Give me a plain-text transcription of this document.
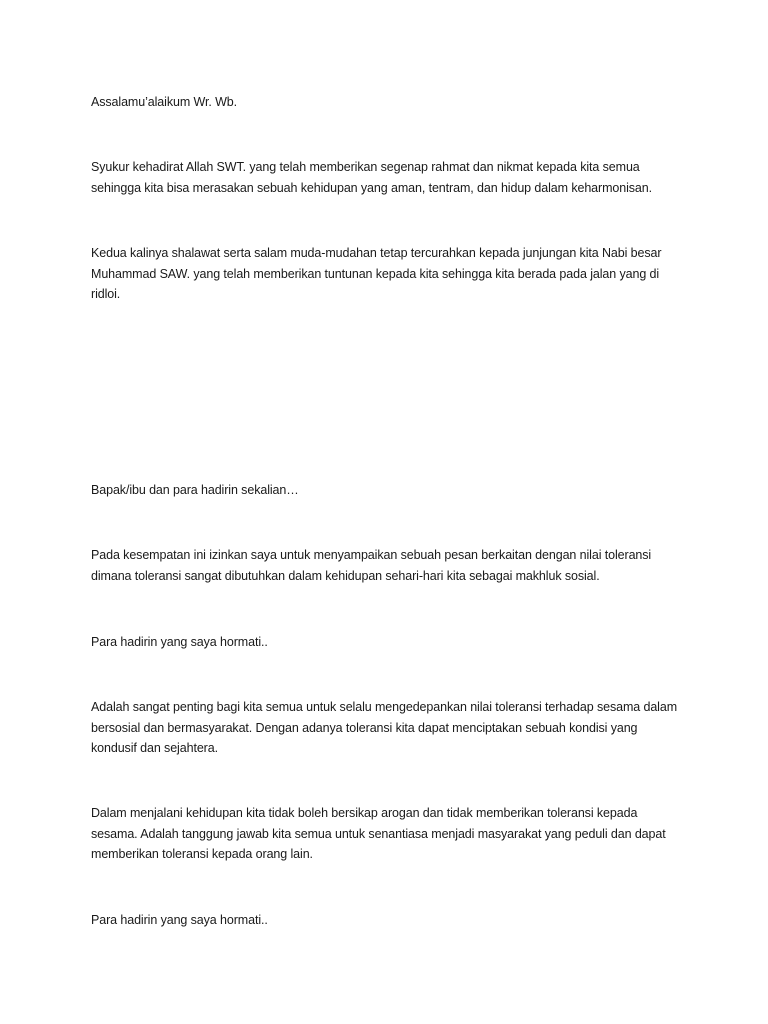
Assalamu’alaikum Wr. Wb.

Syukur kehadirat Allah SWT. yang telah memberikan segenap rahmat dan nikmat kepada kita semua sehingga kita bisa merasakan sebuah kehidupan yang aman, tentram, dan hidup dalam keharmonisan.

Kedua kalinya shalawat serta salam muda-mudahan tetap tercurahkan kepada junjungan kita Nabi besar Muhammad SAW. yang telah memberikan tuntunan kepada kita sehingga kita berada pada jalan yang di ridloi.

Bapak/ibu dan para hadirin sekalian…

Pada kesempatan ini izinkan saya untuk menyampaikan sebuah pesan berkaitan dengan nilai toleransi dimana toleransi sangat dibutuhkan dalam kehidupan sehari-hari kita sebagai makhluk sosial.

Para hadirin yang saya hormati..

Adalah sangat penting bagi kita semua untuk selalu mengedepankan nilai toleransi terhadap sesama dalam bersosial dan bermasyarakat. Dengan adanya toleransi kita dapat menciptakan sebuah kondisi yang kondusif dan sejahtera.

Dalam menjalani kehidupan kita tidak boleh bersikap arogan dan tidak memberikan toleransi kepada sesama. Adalah tanggung jawab kita semua untuk senantiasa menjadi masyarakat yang peduli dan dapat memberikan toleransi kepada orang lain.

Para hadirin yang saya hormati..
